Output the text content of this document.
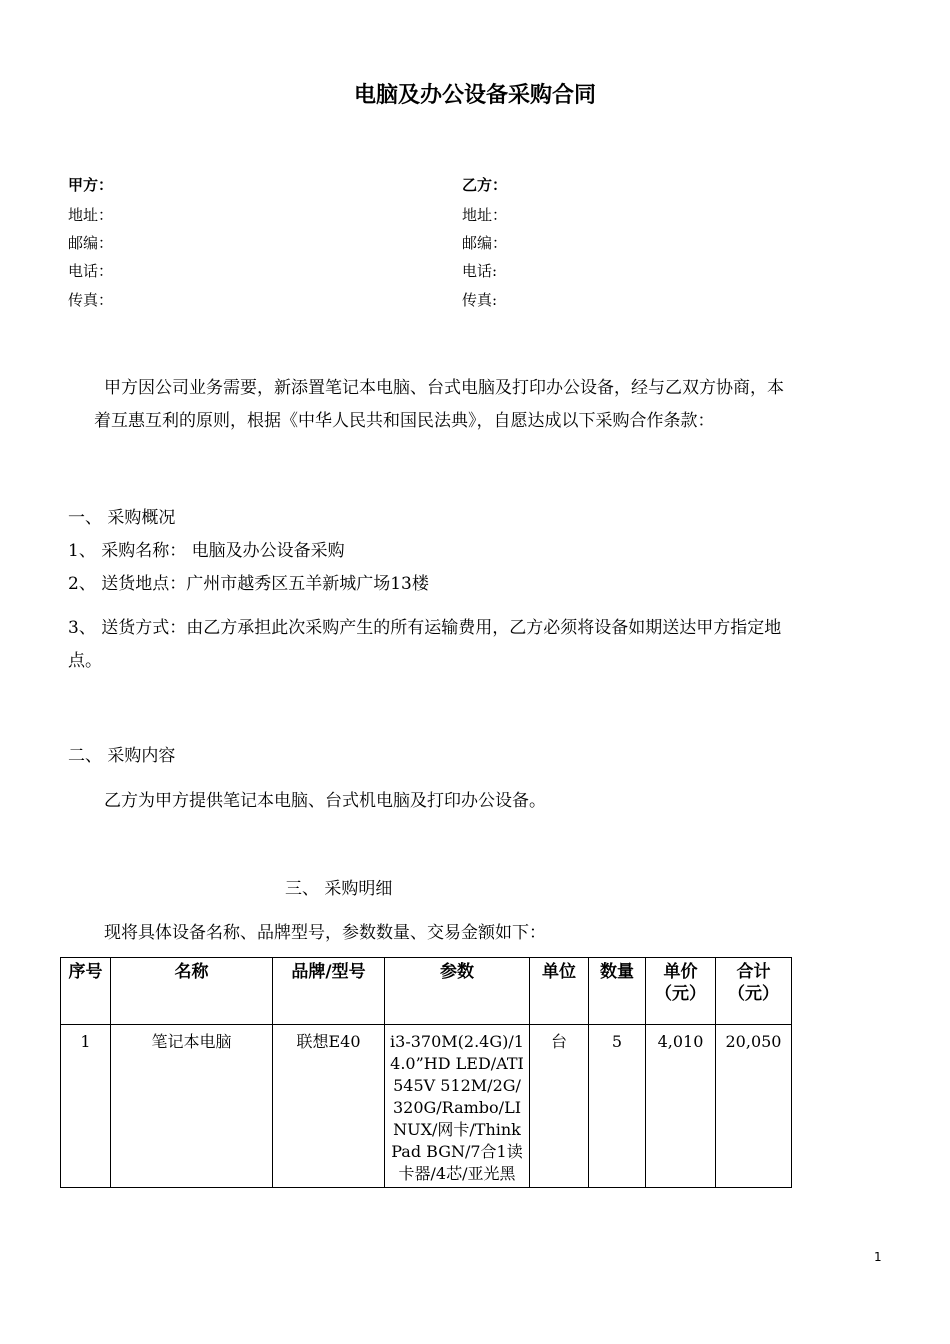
电脑及办公设备采购合同
甲方：
地址：
邮编：
电话：
传真：
乙方：
地址：
邮编：
电话:
传真:
甲方因公司业务需要，新添置笔记本电脑、台式电脑及打印办公设备，经与乙双方协商，本
着互惠互利的原则，根据《中华人民共和国民法典》，自愿达成以下采购合作条款：
一、 采购概况
1、 采购名称： 电脑及办公设备采购
2、 送货地点：广州市越秀区五羊新城广场13楼
3、 送货方式：由乙方承担此次采购产生的所有运输费用，乙方必须将设备如期送达甲方指定地
点。
二、 采购内容
乙方为甲方提供笔记本电脑、台式机电脑及打印办公设备。
三、 采购明细
现将具体设备名称、品牌型号，参数数量、交易金额如下：
序号	名称	品牌/型号	参数	单位	数量	单价（元）	合计（元）
1	笔记本电脑	联想E40	i3-370M(2.4G)/14.0”HD LED/ATI545V 512M/2G/320G/Rambo/LINUX/网卡/ThinkPad BGN/7合1读卡器/4芯/亚光黑	台	5	4,010	20,050
1
